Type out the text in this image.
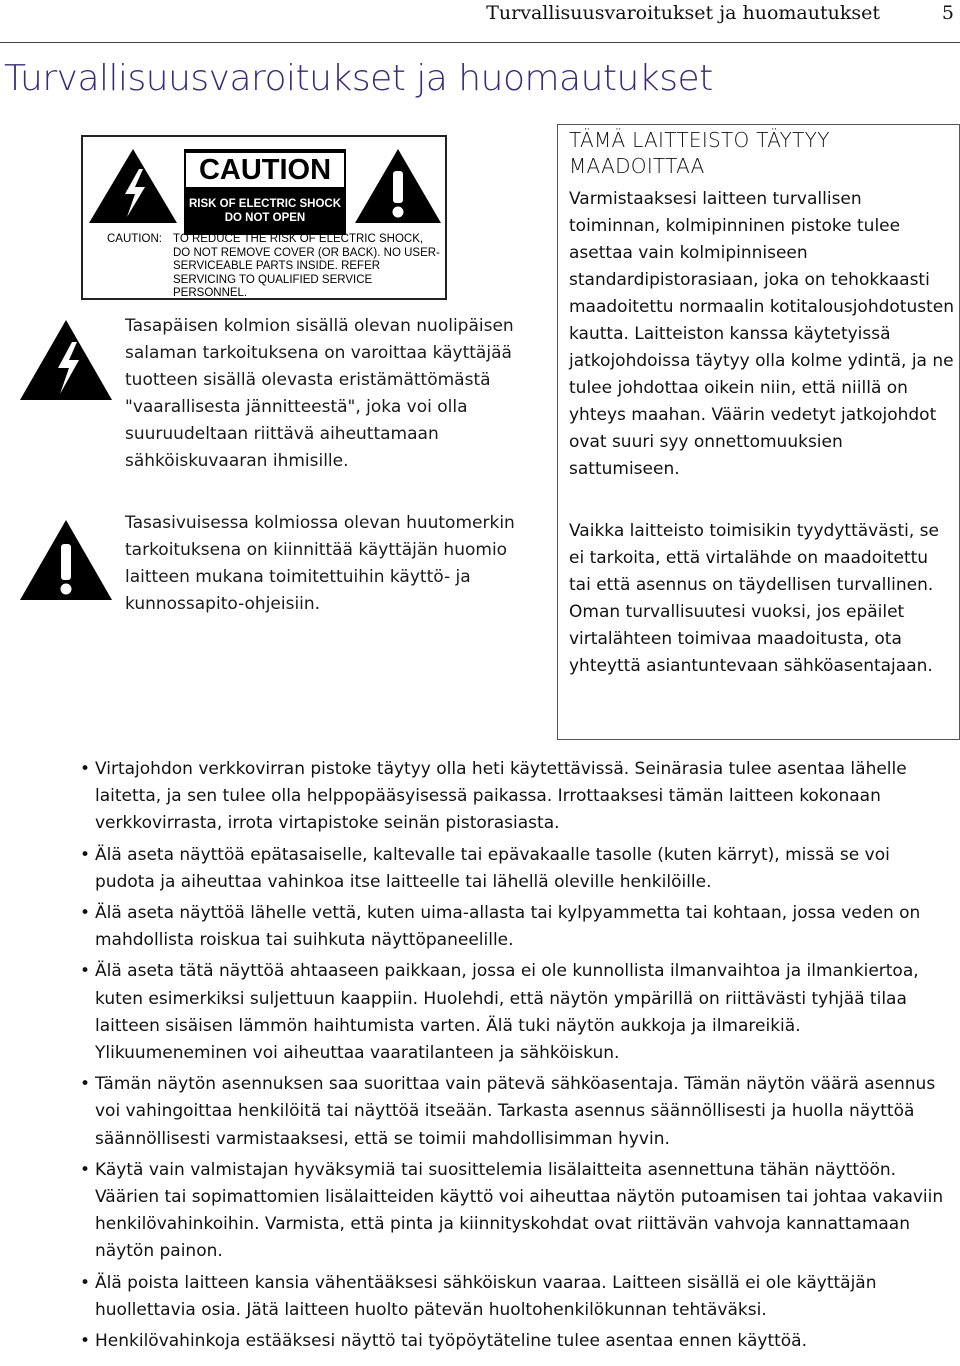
Turvallisuusvaroitukset ja huomautukset	5
Turvallisuusvaroitukset ja huomautukset
CAUTION
RISK OF ELECTRIC SHOCK
DO NOT OPEN
CAUTION: TO REDUCE THE RISK OF ELECTRIC SHOCK, DO NOT REMOVE COVER (OR BACK). NO USER-SERVICEABLE PARTS INSIDE. REFER SERVICING TO QUALIFIED SERVICE PERSONNEL.
Tasapäisen kolmion sisällä olevan nuolipäisen salaman tarkoituksena on varoittaa käyttäjää tuotteen sisällä olevasta eristämättömästä "vaarallisesta jännitteestä", joka voi olla suuruudeltaan riittävä aiheuttamaan sähköiskuvaaran ihmisille.
Tasasivuisessa kolmiossa olevan huutomerkin tarkoituksena on kiinnittää käyttäjän huomio laitteen mukana toimitettuihin käyttö- ja kunnossapito-ohjeisiin.
TÄMÄ LAITTEISTO TÄYTYY MAADOITTAA
Varmistaaksesi laitteen turvallisen toiminnan, kolmipinninen pistoke tulee asettaa vain kolmipinniseen standardipistorasiaan, joka on tehokkaasti maadoitettu normaalin kotitalousjohdotusten kautta. Laitteiston kanssa käytetyissä jatkojohdoissa täytyy olla kolme ydintä, ja ne tulee johdottaa oikein niin, että niillä on yhteys maahan. Väärin vedetyt jatkojohdot ovat suuri syy onnettomuuksien sattumiseen.
Vaikka laitteisto toimisikin tyydyttävästi, se ei tarkoita, että virtalähde on maadoitettu tai että asennus on täydellisen turvallinen. Oman turvallisuutesi vuoksi, jos epäilet virtalähteen toimivaa maadoitusta, ota yhteyttä asiantuntevaan sähköasentajaan.
• Virtajohdon verkkovirran pistoke täytyy olla heti käytettävissä. Seinärasia tulee asentaa lähelle laitetta, ja sen tulee olla helppopääsyisessä paikassa. Irrottaaksesi tämän laitteen kokonaan verkkovirrasta, irrota virtapistoke seinän pistorasiasta.
• Älä aseta näyttöä epätasaiselle, kaltevalle tai epävakaalle tasolle (kuten kärryt), missä se voi pudota ja aiheuttaa vahinkoa itse laitteelle tai lähellä oleville henkilöille.
• Älä aseta näyttöä lähelle vettä, kuten uima-allasta tai kylpyammetta tai kohtaan, jossa veden on mahdollista roiskua tai suihkuta näyttöpaneelille.
• Älä aseta tätä näyttöä ahtaaseen paikkaan, jossa ei ole kunnollista ilmanvaihtoa ja ilmankiertoa, kuten esimerkiksi suljettuun kaappiin. Huolehdi, että näytön ympärillä on riittävästi tyhjää tilaa laitteen sisäisen lämmön haihtumista varten. Älä tuki näytön aukkoja ja ilmareikiä. Ylikuumeneminen voi aiheuttaa vaaratilanteen ja sähköiskun.
• Tämän näytön asennuksen saa suorittaa vain pätevä sähköasentaja. Tämän näytön väärä asennus voi vahingoittaa henkilöitä tai näyttöä itseään. Tarkasta asennus säännöllisesti ja huolla näyttöä säännöllisesti varmistaaksesi, että se toimii mahdollisimman hyvin.
• Käytä vain valmistajan hyväksymiä tai suosittelemia lisälaitteita asennettuna tähän näyttöön. Väärien tai sopimattomien lisälaitteiden käyttö voi aiheuttaa näytön putoamisen tai johtaa vakaviin henkilövahinkoihin. Varmista, että pinta ja kiinnityskohdat ovat riittävän vahvoja kannattamaan näytön painon.
• Älä poista laitteen kansia vähentääksesi sähköiskun vaaraa. Laitteen sisällä ei ole käyttäjän huollettavia osia. Jätä laitteen huolto pätevän huoltohenkilökunnan tehtäväksi.
• Henkilövahinkoja estääksesi näyttö tai työpöytäteline tulee asentaa ennen käyttöä.
